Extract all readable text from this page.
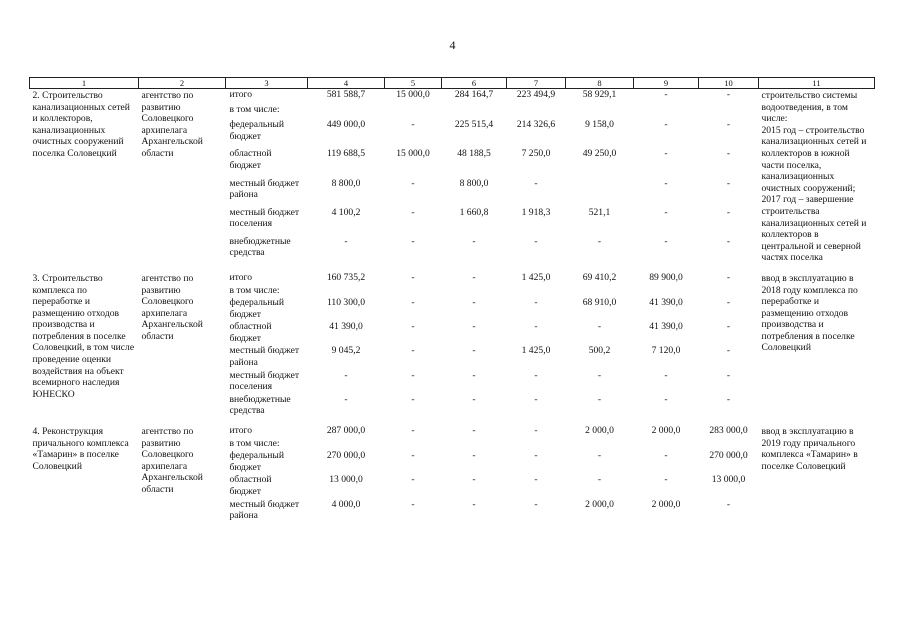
4
1	2	3	4	5	6	7	8	9	10	11
2. Строительство канализационных сетей и коллекторов, канализационных очистных сооружений поселка Соловецкий	агентство по развитию Соловецкого архипелага Архангельской области	итого	581 588,7	15 000,0	284 164,7	223 494,9	58 929,1	-	-	строительство системы водоотведения, в том числе:
2015 год – строительство канализационных сетей и коллекторов в южной части поселка, канализационных очистных сооружений;
2017 год – завершение строительства канализационных сетей и коллекторов в центральной и северной частях поселка
		в том числе:								
		федеральный бюджет	449 000,0	-	225 515,4	214 326,6	9 158,0	-	-	
		областной бюджет	119 688,5	15 000,0	48 188,5	7 250,0	49 250,0	-	-	
		местный бюджет района	8 800,0	-	8 800,0	-		-	-	
		местный бюджет поселения	4 100,2	-	1 660,8	1 918,3	521,1	-	-	
		внебюджетные средства	-	-	-	-	-	-	-	

3. Строительство комплекса по переработке и размещению отходов производства и потребления в поселке Соловецкий, в том числе проведение оценки воздействия на объект всемирного наследия ЮНЕСКО	агентство по развитию Соловецкого архипелага Архангельской области	итого	160 735,2	-	-	1 425,0	69 410,2	89 900,0	-	ввод в эксплуатацию в 2018 году комплекса по переработке и размещению отходов производства и потребления в поселке Соловецкий
		в том числе:								
		федеральный бюджет	110 300,0	-	-	-	68 910,0	41 390,0	-	
		областной бюджет	41 390,0	-	-	-	-	41 390,0	-	
		местный бюджет района	9 045,2	-	-	1 425,0	500,2	7 120,0	-	
		местный бюджет поселения	-	-	-	-	-	-	-	
		внебюджетные средства	-	-	-	-	-	-	-	

4. Реконструкция причального комплекса «Тамарин» в поселке Соловецкий	агентство по развитию Соловецкого архипелага Архангельской области	итого	287 000,0	-	-	-	2 000,0	2 000,0	283 000,0	ввод в эксплуатацию в 2019 году причального комплекса «Тамарин» в поселке Соловецкий
		в том числе:								
		федеральный бюджет	270 000,0	-	-	-	-	-	270 000,0	
		областной бюджет	13 000,0	-	-	-	-	-	13 000,0	
		местный бюджет района	4 000,0	-	-	-	2 000,0	2 000,0	-	
